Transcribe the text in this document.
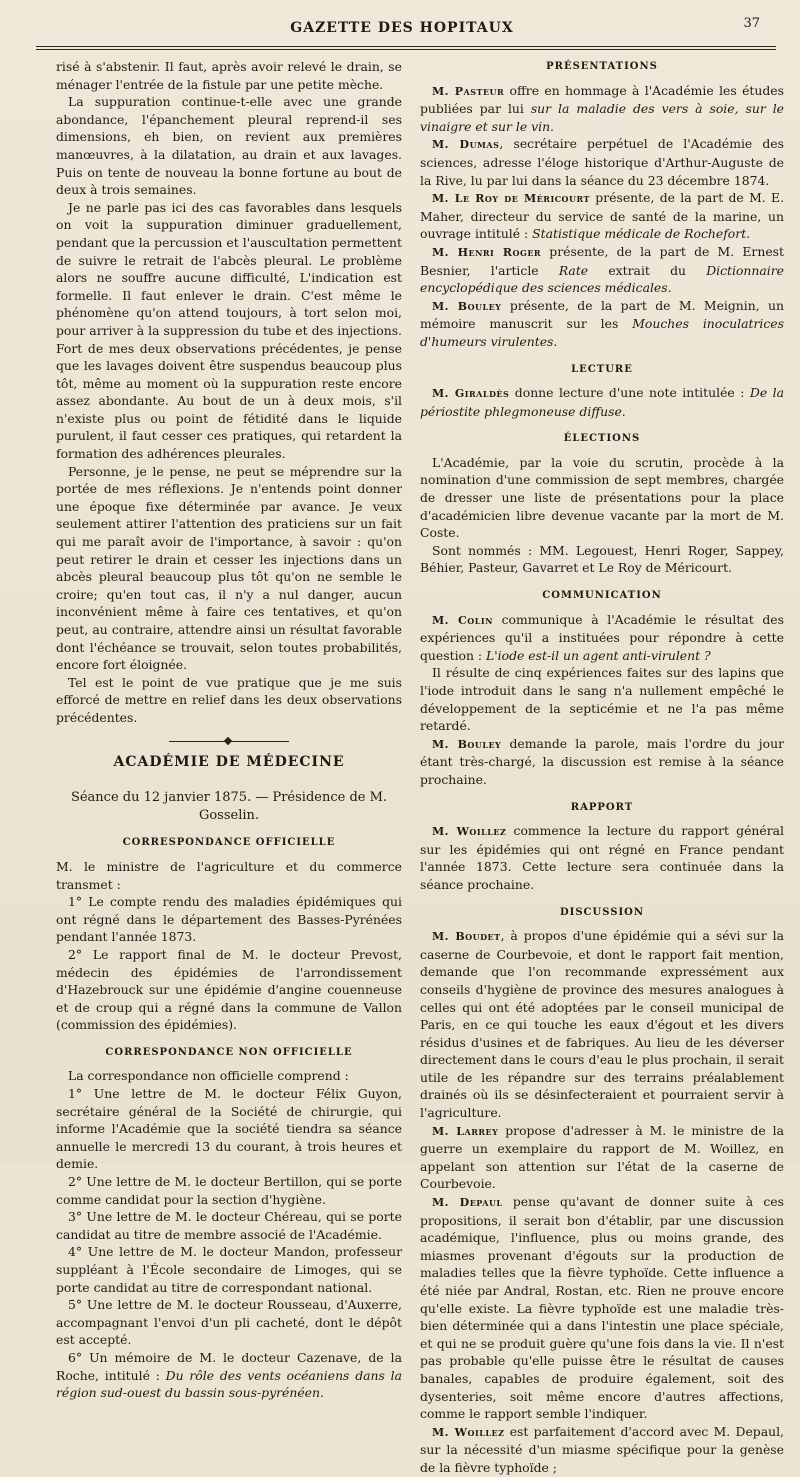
GAZETTE DES HOPITAUX	37

risé à s'abstenir. Il faut, après avoir relevé le drain, se ménager l'entrée de la fistule par une petite mèche.

La suppuration continue-t-elle avec une grande abondance, l'épanchement pleural reprend-il ses dimensions, eh bien, on revient aux premières manœuvres, à la dilatation, au drain et aux lavages. Puis on tente de nouveau la bonne fortune au bout de deux à trois semaines.

Je ne parle pas ici des cas favorables dans lesquels on voit la suppuration diminuer graduellement, pendant que la percussion et l'auscultation permettent de suivre le retrait de l'abcès pleural. Le problème alors ne souffre aucune difficulté, L'indication est formelle. Il faut enlever le drain. C'est même le phénomène qu'on attend toujours, à tort selon moi, pour arriver à la suppression du tube et des injections. Fort de mes deux observations précédentes, je pense que les lavages doivent être suspendus beaucoup plus tôt, même au moment où la suppuration reste encore assez abondante. Au bout de un à deux mois, s'il n'existe plus ou point de fétidité dans le liquide purulent, il faut cesser ces pratiques, qui retardent la formation des adhérences pleurales.

Personne, je le pense, ne peut se méprendre sur la portée de mes réflexions. Je n'entends point donner une époque fixe déterminée par avance. Je veux seulement attirer l'attention des praticiens sur un fait qui me paraît avoir de l'importance, à savoir : qu'on peut retirer le drain et cesser les injections dans un abcès pleural beaucoup plus tôt qu'on ne semble le croire; qu'en tout cas, il n'y a nul danger, aucun inconvénient même à faire ces tentatives, et qu'on peut, au contraire, attendre ainsi un résultat favorable dont l'échéance se trouvait, selon toutes probabilités, encore fort éloignée.

Tel est le point de vue pratique que je me suis efforcé de mettre en relief dans les deux observations précédentes.

ACADÉMIE DE MÉDECINE
Séance du 12 janvier 1875. — Présidence de M. Gosselin.
CORRESPONDANCE OFFICIELLE

M. le ministre de l'agriculture et du commerce transmet :

1° Le compte rendu des maladies épidémiques qui ont régné dans le département des Basses-Pyrénées pendant l'année 1873.

2° Le rapport final de M. le docteur Prevost, médecin des épidémies de l'arrondissement d'Hazebrouck sur une épidémie d'angine couenneuse et de croup qui a régné dans la commune de Vallon (commission des épidémies).

CORRESPONDANCE NON OFFICIELLE

La correspondance non officielle comprend :

1° Une lettre de M. le docteur Félix Guyon, secrétaire général de la Société de chirurgie, qui informe l'Académie que la société tiendra sa séance annuelle le mercredi 13 du courant, à trois heures et demie.

2° Une lettre de M. le docteur Bertillon, qui se porte comme candidat pour la section d'hygiène.

3° Une lettre de M. le docteur Chéreau, qui se porte candidat au titre de membre associé de l'Académie.

4° Une lettre de M. le docteur Mandon, professeur suppléant à l'École secondaire de Limoges, qui se porte candidat au titre de correspondant national.

5° Une lettre de M. le docteur Rousseau, d'Auxerre, accompagnant l'envoi d'un pli cacheté, dont le dépôt est accepté.

6° Un mémoire de M. le docteur Cazenave, de la Roche, intitulé : Du rôle des vents océaniens dans la région sud-ouest du bassin sous-pyrénéen.

PRÉSENTATIONS

M. Pasteur offre en hommage à l'Académie les études publiées par lui sur la maladie des vers à soie, sur le vinaigre et sur le vin.

M. Dumas, secrétaire perpétuel de l'Académie des sciences, adresse l'éloge historique d'Arthur-Auguste de la Rive, lu par lui dans la séance du 23 décembre 1874.

M. Le Roy de Méricourt présente, de la part de M. E. Maher, directeur du service de santé de la marine, un ouvrage intitulé : Statistique médicale de Rochefort.

M. Henri Roger présente, de la part de M. Ernest Besnier, l'article Rate extrait du Dictionnaire encyclopédique des sciences médicales.

M. Bouley présente, de la part de M. Meignin, un mémoire manuscrit sur les Mouches inoculatrices d'humeurs virulentes.

LECTURE

M. Giraldès donne lecture d'une note intitulée : De la périostite phlegmoneuse diffuse.

ÉLECTIONS

L'Académie, par la voie du scrutin, procède à la nomination d'une commission de sept membres, chargée de dresser une liste de présentations pour la place d'académicien libre devenue vacante par la mort de M. Coste.

Sont nommés : MM. Legouest, Henri Roger, Sappey, Béhier, Pasteur, Gavarret et Le Roy de Méricourt.

COMMUNICATION

M. Colin communique à l'Académie le résultat des expériences qu'il a instituées pour répondre à cette question : L'iode est-il un agent anti-virulent ?

Il résulte de cinq expériences faites sur des lapins que l'iode introduit dans le sang n'a nullement empêché le développement de la septicémie et ne l'a pas même retardé.

M. Bouley demande la parole, mais l'ordre du jour étant très-chargé, la discussion est remise à la séance prochaine.

RAPPORT

M. Woillez commence la lecture du rapport général sur les épidémies qui ont régné en France pendant l'année 1873. Cette lecture sera continuée dans la séance prochaine.

DISCUSSION

M. Boudet, à propos d'une épidémie qui a sévi sur la caserne de Courbevoie, et dont le rapport fait mention, demande que l'on recommande expressément aux conseils d'hygiène de province des mesures analogues à celles qui ont été adoptées par le conseil municipal de Paris, en ce qui touche les eaux d'égout et les divers résidus d'usines et de fabriques. Au lieu de les déverser directement dans le cours d'eau le plus prochain, il serait utile de les répandre sur des terrains préalablement drainés où ils se désinfecteraient et pourraient servir à l'agriculture.

M. Larrey propose d'adresser à M. le ministre de la guerre un exemplaire du rapport de M. Woillez, en appelant son attention sur l'état de la caserne de Courbevoie.

M. Depaul pense qu'avant de donner suite à ces propositions, il serait bon d'établir, par une discussion académique, l'influence, plus ou moins grande, des miasmes provenant d'égouts sur la production de maladies telles que la fièvre typhoïde. Cette influence a été niée par Andral, Rostan, etc. Rien ne prouve encore qu'elle existe. La fièvre typhoïde est une maladie très-bien déterminée qui a dans l'intestin une place spéciale, et qui ne se produit guère qu'une fois dans la vie. Il n'est pas probable qu'elle puisse être le résultat de causes banales, capables de produire également, soit des dysenteries, soit même encore d'autres affections, comme le rapport semble l'indiquer.

M. Woillez est parfaitement d'accord avec M. Depaul, sur la nécessité d'un miasme spécifique pour la genèse de la fièvre typhoïde ;
